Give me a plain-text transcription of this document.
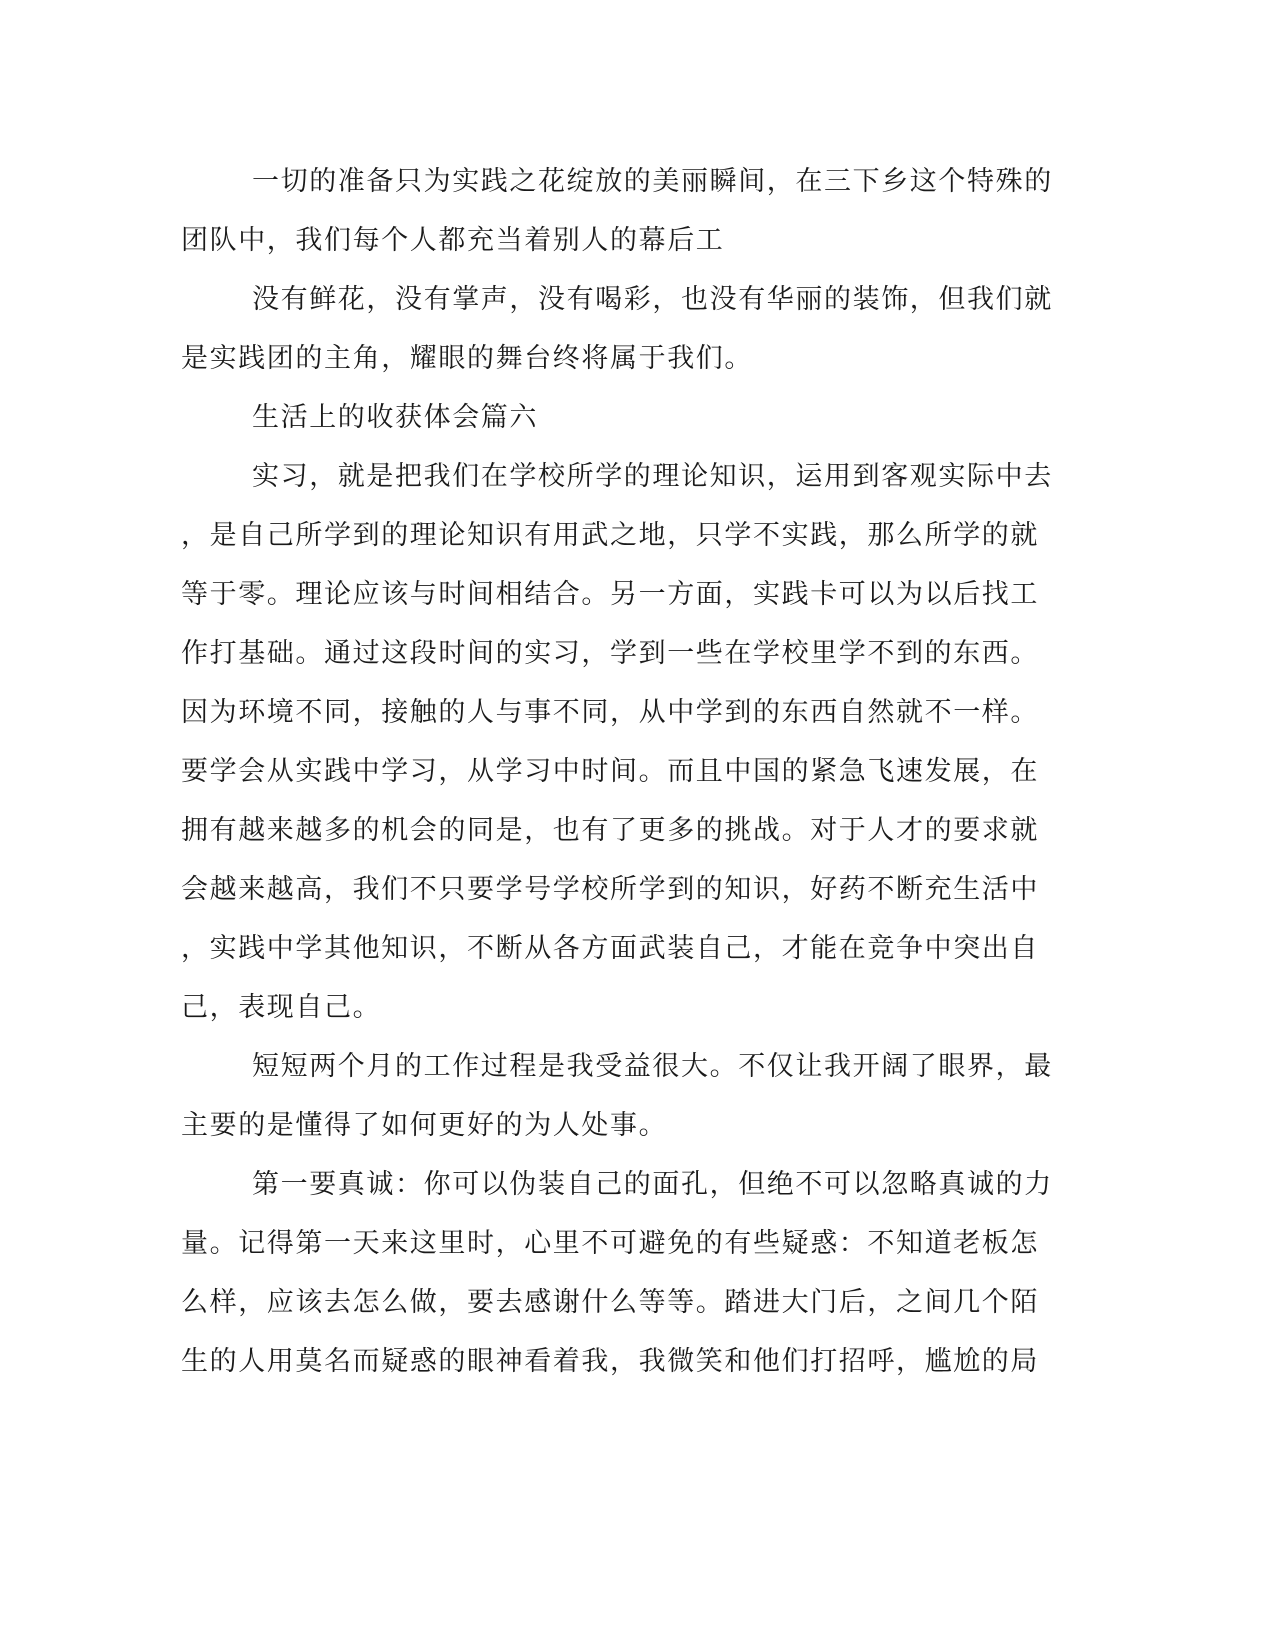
一切的准备只为实践之花绽放的美丽瞬间，在三下乡这个特殊的
团队中，我们每个人都充当着别人的幕后工
没有鲜花，没有掌声，没有喝彩，也没有华丽的装饰，但我们就
是实践团的主角，耀眼的舞台终将属于我们。
生活上的收获体会篇六
实习，就是把我们在学校所学的理论知识，运用到客观实际中去
，是自己所学到的理论知识有用武之地，只学不实践，那么所学的就
等于零。理论应该与时间相结合。另一方面，实践卡可以为以后找工
作打基础。通过这段时间的实习，学到一些在学校里学不到的东西。
因为环境不同，接触的人与事不同，从中学到的东西自然就不一样。
要学会从实践中学习，从学习中时间。而且中国的紧急飞速发展，在
拥有越来越多的机会的同是，也有了更多的挑战。对于人才的要求就
会越来越高，我们不只要学号学校所学到的知识，好药不断充生活中
，实践中学其他知识，不断从各方面武装自己，才能在竞争中突出自
己，表现自己。
短短两个月的工作过程是我受益很大。不仅让我开阔了眼界，最
主要的是懂得了如何更好的为人处事。
第一要真诚：你可以伪装自己的面孔，但绝不可以忽略真诚的力
量。记得第一天来这里时，心里不可避免的有些疑惑：不知道老板怎
么样，应该去怎么做，要去感谢什么等等。踏进大门后，之间几个陌
生的人用莫名而疑惑的眼神看着我，我微笑和他们打招呼，尴尬的局
